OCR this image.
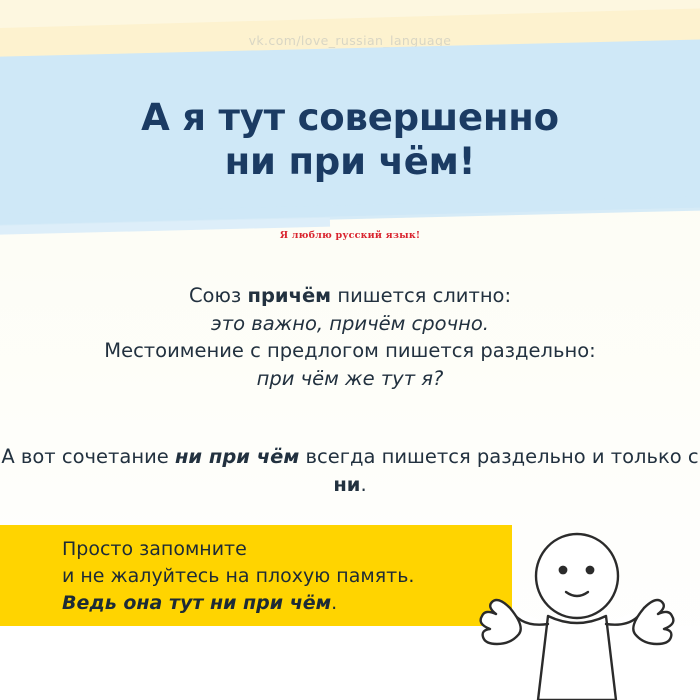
vk.com/love_russian_language
А я тут совершенно
ни при чём!
Я люблю русский язык!
Союз причём пишется слитно:
это важно, причём срочно.
Местоимение с предлогом пишется раздельно:
при чём же тут я?
А вот сочетание ни при чём всегда пишется раздельно и только с ни.
Просто запомните
и не жалуйтесь на плохую память.
Ведь она тут ни при чём.
